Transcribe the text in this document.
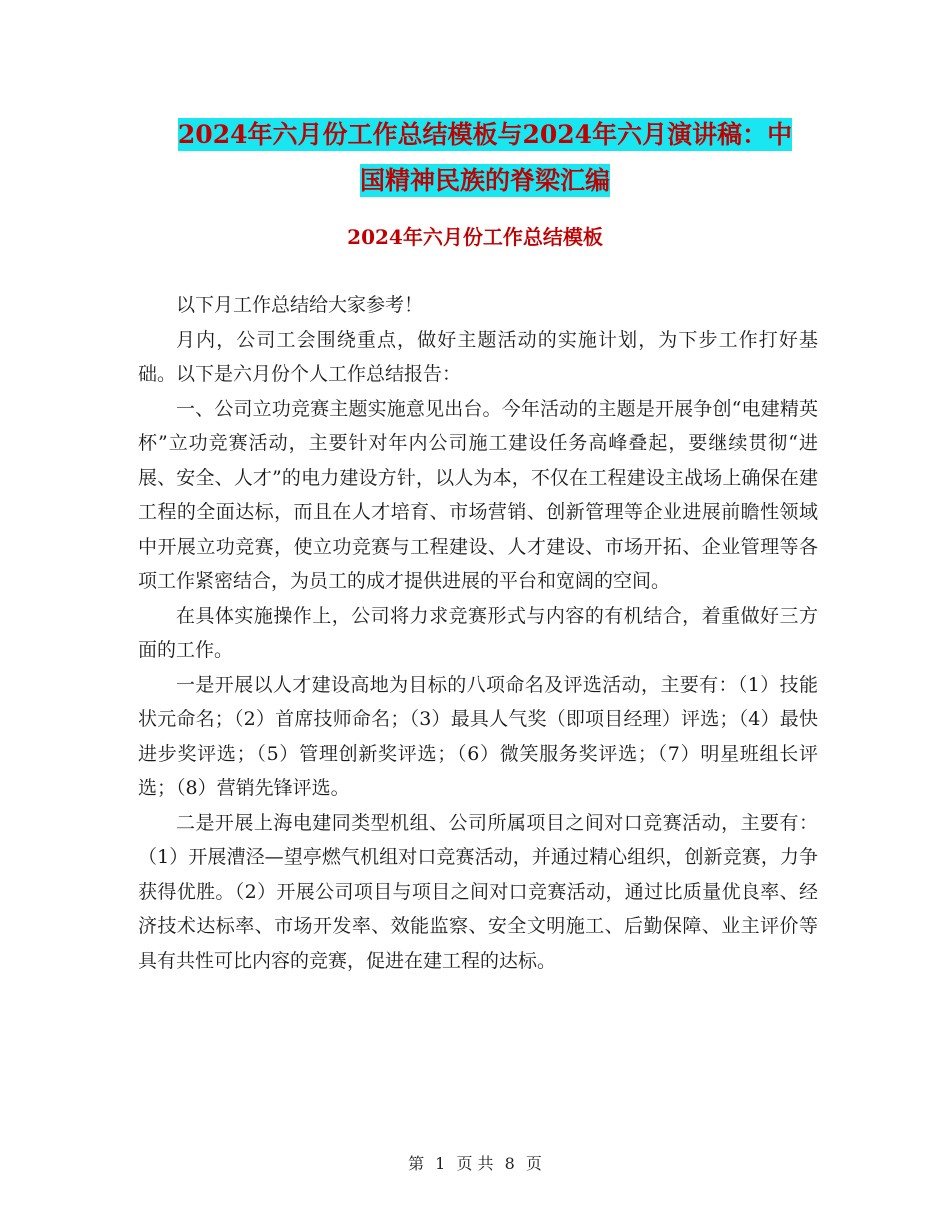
2024年六月份工作总结模板与2024年六月演讲稿：中
国精神民族的脊梁汇编
2024年六月份工作总结模板

以下月工作总结给大家参考！

月内，公司工会围绕重点，做好主题活动的实施计划，为下步工作打好基础。以下是六月份个人工作总结报告：

一、公司立功竞赛主题实施意见出台。今年活动的主题是开展争创“电建精英杯”立功竞赛活动，主要针对年内公司施工建设任务高峰叠起，要继续贯彻“进展、安全、人才”的电力建设方针，以人为本，不仅在工程建设主战场上确保在建工程的全面达标，而且在人才培育、市场营销、创新管理等企业进展前瞻性领域中开展立功竞赛，使立功竞赛与工程建设、人才建设、市场开拓、企业管理等各项工作紧密结合，为员工的成才提供进展的平台和宽阔的空间。

在具体实施操作上，公司将力求竞赛形式与内容的有机结合，着重做好三方面的工作。

一是开展以人才建设高地为目标的八项命名及评选活动，主要有：（1）技能状元命名；（2）首席技师命名；（3）最具人气奖（即项目经理）评选；（4）最快进步奖评选；（5）管理创新奖评选；（6）微笑服务奖评选；（7）明星班组长评选；（8）营销先锋评选。

二是开展上海电建同类型机组、公司所属项目之间对口竞赛活动，主要有：（1）开展漕泾—望亭燃气机组对口竞赛活动，并通过精心组织，创新竞赛，力争获得优胜。（2）开展公司项目与项目之间对口竞赛活动，通过比质量优良率、经济技术达标率、市场开发率、效能监察、安全文明施工、后勤保障、业主评价等具有共性可比内容的竞赛，促进在建工程的达标。

第 1 页 共 8 页
